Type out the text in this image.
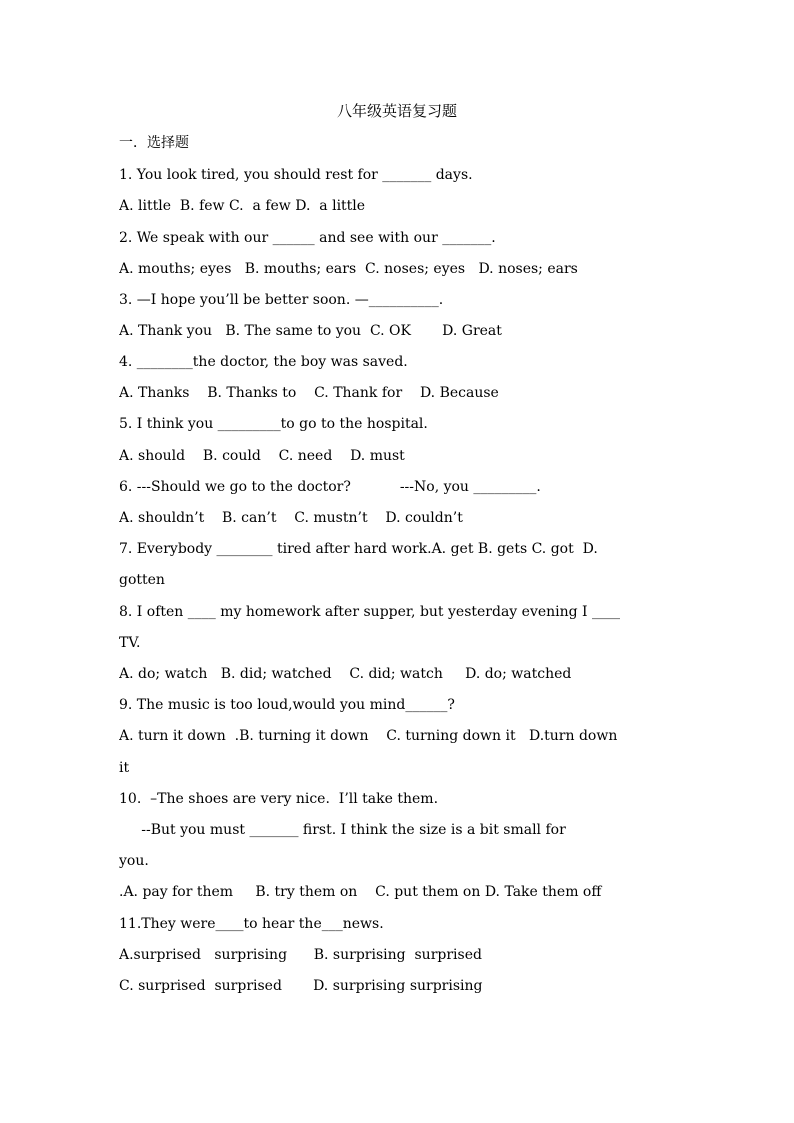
八年级英语复习题
一．选择题
1. You look tired, you should rest for _______ days.
A. little  B. few C.  a few D.  a little
2. We speak with our ______ and see with our _______.
A. mouths; eyes   B. mouths; ears  C. noses; eyes   D. noses; ears
3. —I hope you’ll be better soon. —__________.
A. Thank you   B. The same to you  C. OK       D. Great
4. ________the doctor, the boy was saved.
A. Thanks    B. Thanks to    C. Thank for    D. Because
5. I think you _________to go to the hospital.
A. should    B. could    C. need    D. must
6. ---Should we go to the doctor?           ---No, you _________.
A. shouldn’t    B. can’t    C. mustn’t    D. couldn’t
7. Everybody ________ tired after hard work.A. get B. gets C. got  D.
gotten
8. I often ____ my homework after supper, but yesterday evening I ____
TV.
A. do; watch   B. did; watched    C. did; watch     D. do; watched
9. The music is too loud,would you mind______?
A. turn it down  .B. turning it down    C. turning down it   D.turn down
it
10.  –The shoes are very nice.  I’ll take them.
--But you must _______ first. I think the size is a bit small for
you.
.A. pay for them     B. try them on    C. put them on D. Take them off
11.They were____to hear the___news.
A.surprised   surprising      B. surprising  surprised
C. surprised  surprised       D. surprising surprising
